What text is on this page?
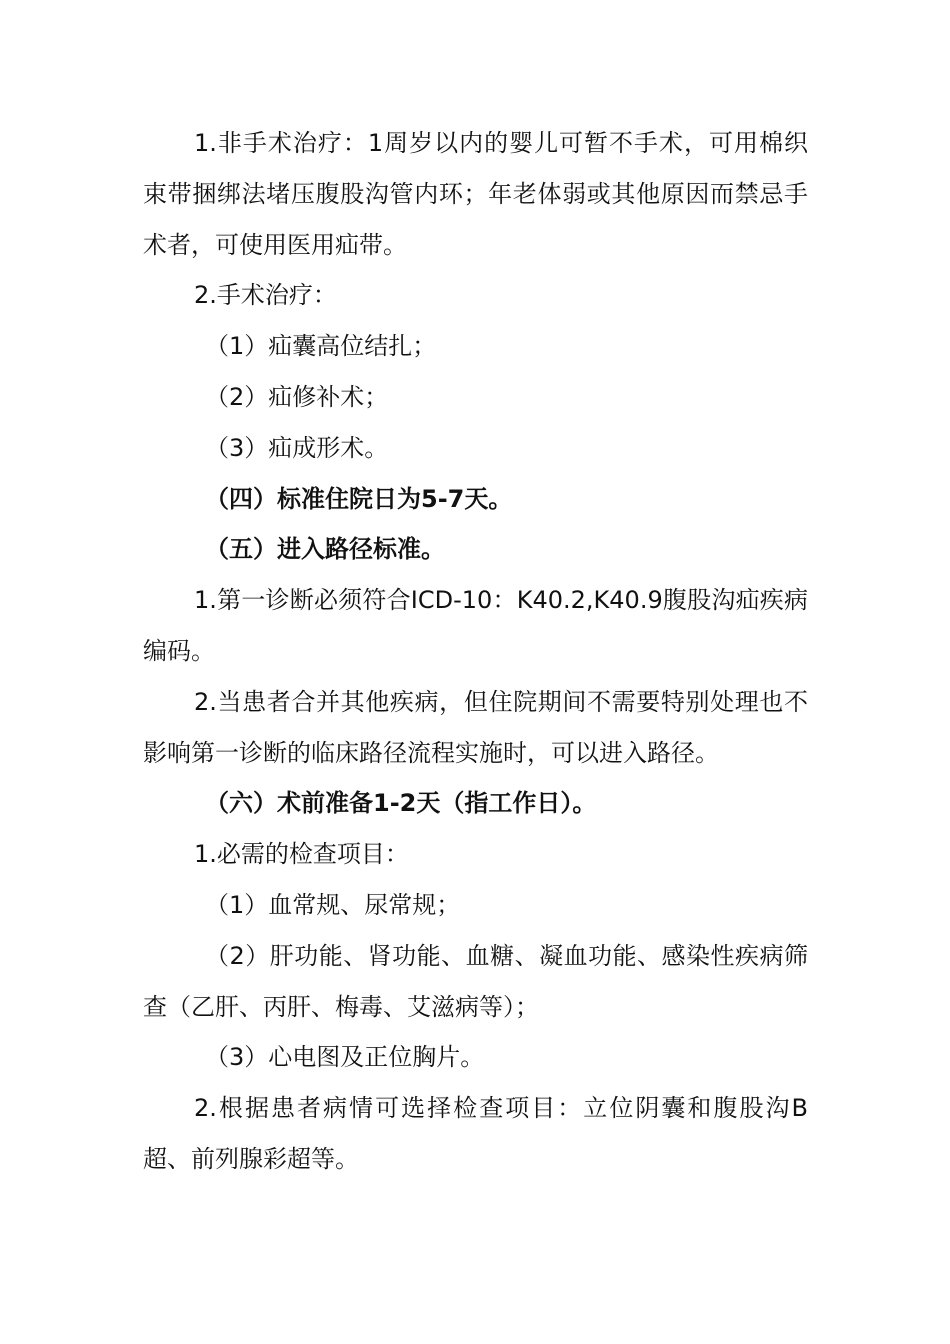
1.非手术治疗：1周岁以内的婴儿可暂不手术，可用棉织束带捆绑法堵压腹股沟管内环；年老体弱或其他原因而禁忌手术者，可使用医用疝带。

2.手术治疗：

（1）疝囊高位结扎；

（2）疝修补术；

（3）疝成形术。

（四）标准住院日为5-7天。

（五）进入路径标准。

1.第一诊断必须符合ICD-10：K40.2,K40.9腹股沟疝疾病编码。

2.当患者合并其他疾病，但住院期间不需要特别处理也不影响第一诊断的临床路径流程实施时，可以进入路径。

（六）术前准备1-2天（指工作日）。

1.必需的检查项目：

（1）血常规、尿常规；

（2）肝功能、肾功能、血糖、凝血功能、感染性疾病筛查（乙肝、丙肝、梅毒、艾滋病等）；

（3）心电图及正位胸片。

2.根据患者病情可选择检查项目：立位阴囊和腹股沟B超、前列腺彩超等。
